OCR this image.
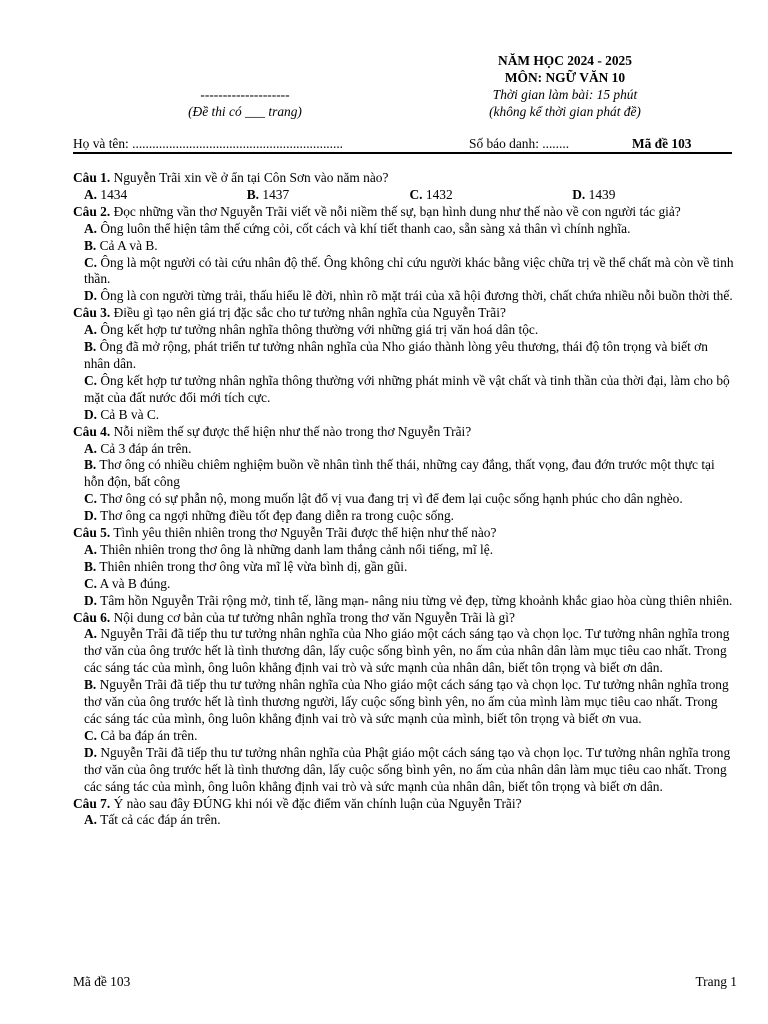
NĂM HỌC 2024 - 2025
MÔN: NGỮ VĂN 10
--------------------	Thời gian làm bài: 15 phút
(Đề thi có ___ trang)	(không kể thời gian phát đề)
Họ và tên: ...............................................................	Số báo danh: ........	Mã đề 103

Câu 1. Nguyễn Trãi xin về ở ẩn tại Côn Sơn vào năm nào?

A. 1434	B. 1437	C. 1432	D. 1439

Câu 2. Đọc những vần thơ Nguyễn Trãi viết về nỗi niềm thế sự, bạn hình dung như thế nào về con người tác giả?

A. Ông luôn thể hiện tâm thế cứng cỏi, cốt cách và khí tiết thanh cao, sẵn sàng xả thân vì chính nghĩa.

B. Cả A và B.

C. Ông là một người có tài cứu nhân độ thế. Ông không chỉ cứu người khác bằng việc chữa trị về thể chất mà còn về tinh thần.

D. Ông là con người từng trải, thấu hiểu lẽ đời, nhìn rõ mặt trái của xã hội đương thời, chất chứa nhiều nỗi buồn thời thế.

Câu 3. Điều gì tạo nên giá trị đặc sắc cho tư tưởng nhân nghĩa của Nguyễn Trãi?

A. Ông kết hợp tư tưởng nhân nghĩa thông thường với những giá trị văn hoá dân tộc.

B. Ông đã mở rộng, phát triển tư tưởng nhân nghĩa của Nho giáo thành lòng yêu thương, thái độ tôn trọng và biết ơn nhân dân.

C. Ông kết hợp tư tưởng nhân nghĩa thông thường với những phát minh về vật chất và tinh thần của thời đại, làm cho bộ mặt của đất nước đổi mới tích cực.

D. Cả B và C.

Câu 4. Nỗi niềm thế sự được thể hiện như thế nào trong thơ Nguyễn Trãi?

A. Cả 3 đáp án trên.

B. Thơ ông có nhiều chiêm nghiệm buồn về nhân tình thế thái, những cay đắng, thất vọng, đau đớn trước một thực tại hỗn độn, bất công

C. Thơ ông có sự phẫn nộ, mong muốn lật đổ vị vua đang trị vì để đem lại cuộc sống hạnh phúc cho dân nghèo.

D. Thơ ông ca ngợi những điều tốt đẹp đang diễn ra trong cuộc sống.

Câu 5. Tình yêu thiên nhiên trong thơ Nguyễn Trãi được thể hiện như thế nào?

A. Thiên nhiên trong thơ ông là những danh lam thắng cảnh nổi tiếng, mĩ lệ.

B. Thiên nhiên trong thơ ông vừa mĩ lệ vừa bình dị, gần gũi.

C. A và B đúng.

D. Tâm hồn Nguyễn Trãi rộng mở, tinh tế, lãng mạn- nâng niu từng vẻ đẹp, từng khoảnh khắc giao hòa cùng thiên nhiên.

Câu 6. Nội dung cơ bản của tư tưởng nhân nghĩa trong thơ văn Nguyễn Trãi là gì?

A. Nguyễn Trãi đã tiếp thu tư tưởng nhân nghĩa của Nho giáo một cách sáng tạo và chọn lọc. Tư tưởng nhân nghĩa trong thơ văn của ông trước hết là tình thương dân, lấy cuộc sống bình yên, no ấm của nhân dân làm mục tiêu cao nhất. Trong các sáng tác của mình, ông luôn khẳng định vai trò và sức mạnh của nhân dân, biết tôn trọng và biết ơn dân.

B. Nguyễn Trãi đã tiếp thu tư tưởng nhân nghĩa của Nho giáo một cách sáng tạo và chọn lọc. Tư tưởng nhân nghĩa trong thơ văn của ông trước hết là tình thương người, lấy cuộc sống bình yên, no ấm của mình làm mục tiêu cao nhất. Trong các sáng tác của mình, ông luôn khẳng định vai trò và sức mạnh của mình, biết tôn trọng và biết ơn vua.

C. Cả ba đáp án trên.

D. Nguyễn Trãi đã tiếp thu tư tưởng nhân nghĩa của Phật giáo một cách sáng tạo và chọn lọc. Tư tưởng nhân nghĩa trong thơ văn của ông trước hết là tình thương dân, lấy cuộc sống bình yên, no ấm của nhân dân làm mục tiêu cao nhất. Trong các sáng tác của mình, ông luôn khẳng định vai trò và sức mạnh của nhân dân, biết tôn trọng và biết ơn dân.

Câu 7. Ý nào sau đây ĐÚNG khi nói về đặc điểm văn chính luận của Nguyễn Trãi?

A. Tất cả các đáp án trên.

Mã đề 103	Trang 1
